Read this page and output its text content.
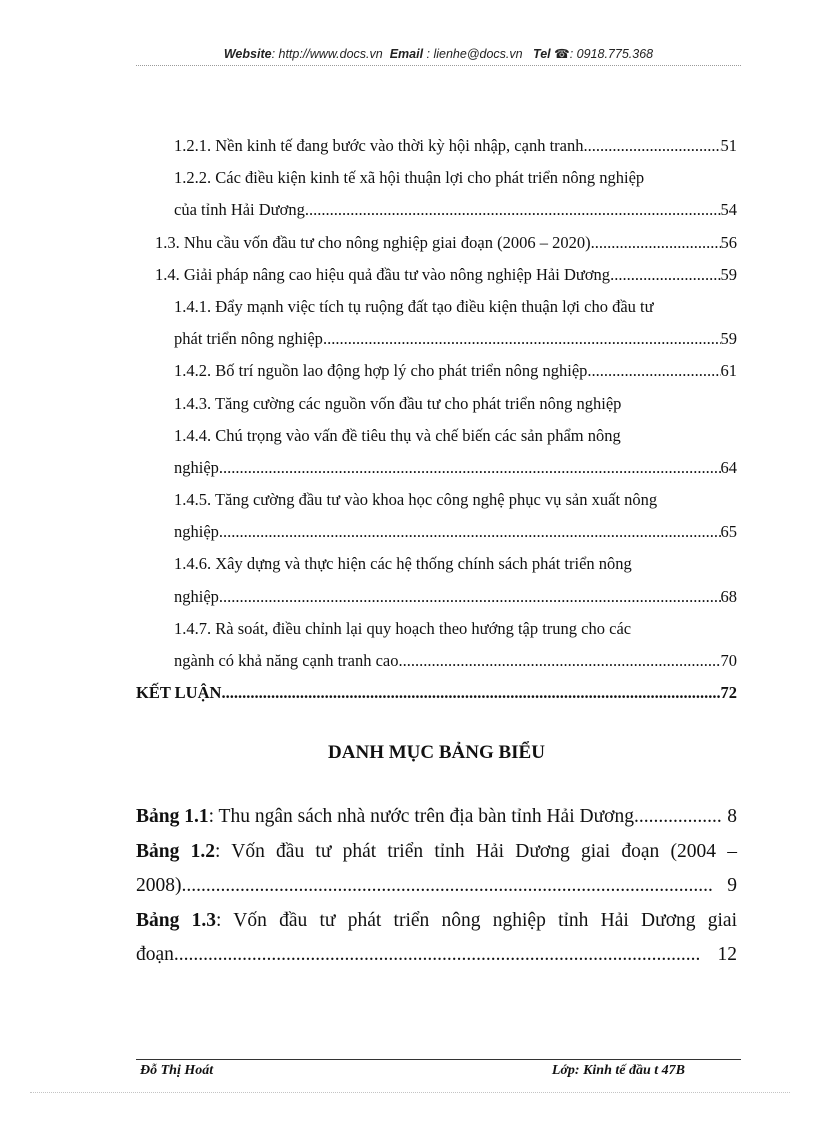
Website: http://www.docs.vn Email : lienhe@docs.vn Tel ☎: 0918.775.368
1.2.1. Nền kinh tế đang bước vào thời kỳ hội nhập, cạnh tranh .....	51
1.2.2. Các điều kiện kinh tế xã hội thuận lợi cho phát triển nông nghiệp
của tỉnh Hải Dương .....	54
1.3. Nhu cầu vốn đầu tư cho nông nghiệp giai đoạn (2006 – 2020) .....	56
1.4. Giải pháp nâng cao hiệu quả đầu tư vào nông nghiệp Hải Dương .....	59
1.4.1. Đẩy mạnh việc tích tụ ruộng đất tạo điều kiện thuận lợi cho đầu tư
phát triển nông nghiệp .....	59
1.4.2. Bố trí nguồn lao động hợp lý cho phát triển nông nghiệp .....	61
1.4.3. Tăng cường các nguồn vốn đầu tư cho phát triển nông nghiệp
1.4.4. Chú trọng vào vấn đề tiêu thụ và chế biến các sản phẩm nông
nghiệp .....	64
1.4.5. Tăng cường đầu tư vào khoa học công nghệ phục vụ sản xuất nông
nghiệp .....	65
1.4.6. Xây dựng và thực hiện các hệ thống chính sách phát triển nông
nghiệp .....	68
1.4.7. Rà soát, điều chỉnh lại quy hoạch theo hướng tập trung cho các
ngành có khả năng cạnh tranh cao .....	70
KẾT LUẬN .....	72
DANH MỤC BẢNG BIỂU
Bảng 1.1: Thu ngân sách nhà nước trên địa bàn tỉnh Hải Dương .....	8
Bảng 1.2: Vốn đầu tư phát triển tỉnh Hải Dương giai đoạn (2004 –
2008) .....	9
Bảng 1.3: Vốn đầu tư phát triển nông nghiệp tỉnh Hải Dương giai
đoạn .....	12
Đỗ Thị Hoát	Lớp: Kinh tế đầu t 47B
